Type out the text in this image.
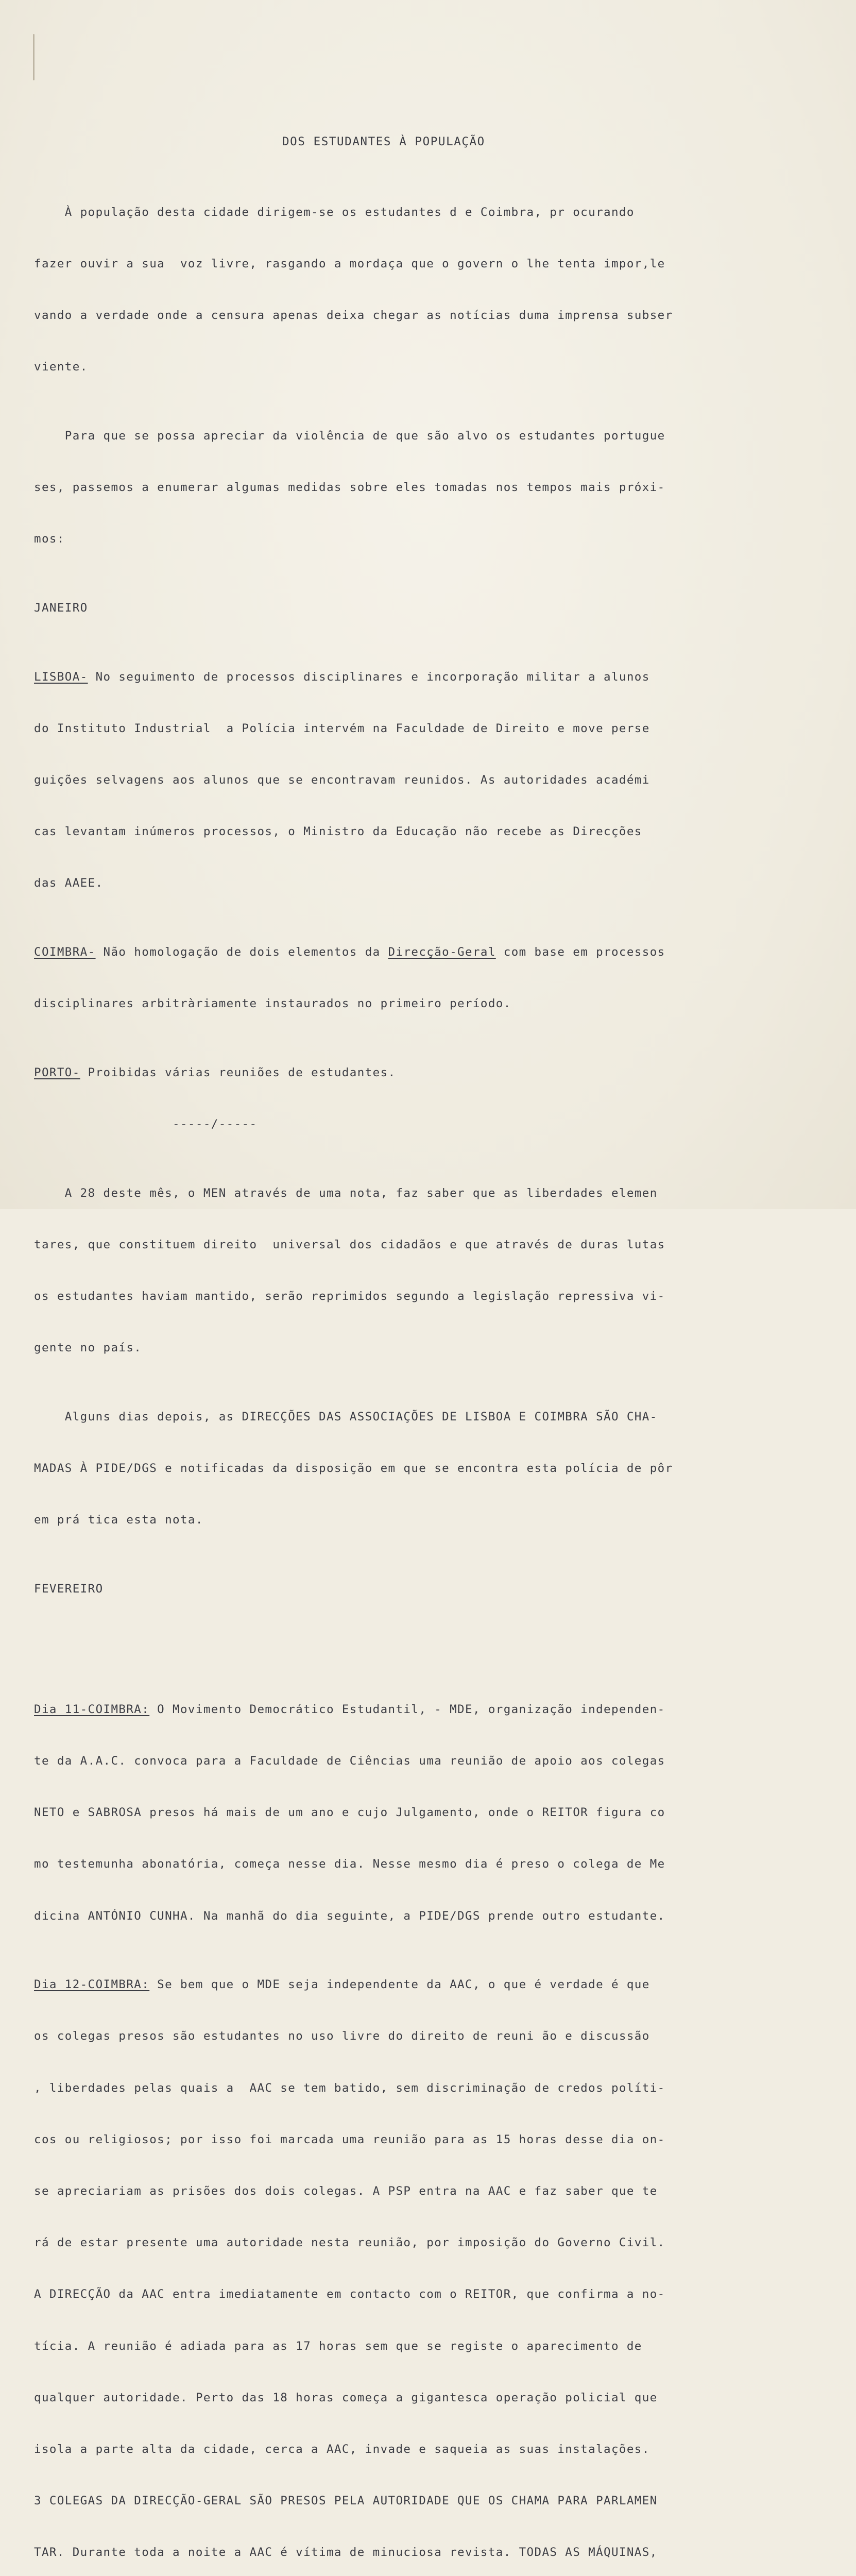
DOS ESTUDANTES À POPULAÇÃO

À população desta cidade dirigem-se os estudantes d e Coimbra, pr ocurando

fazer ouvir a sua  voz livre, rasgando a mordaça que o govern o lhe tenta impor,le

vando a verdade onde a censura apenas deixa chegar as notícias duma imprensa subser

viente.

Para que se possa apreciar da violência de que são alvo os estudantes portugue

ses, passemos a enumerar algumas medidas sobre eles tomadas nos tempos mais próxi-

mos:

JANEIRO

LISBOA- No seguimento de processos disciplinares e incorporação militar a alunos

do Instituto Industrial  a Polícia intervém na Faculdade de Direito e move perse

guições selvagens aos alunos que se encontravam reunidos. As autoridades académi

cas levantam inúmeros processos, o Ministro da Educação não recebe as Direcções

das AAEE.

COIMBRA- Não homologação de dois elementos da Direcção-Geral com base em processos

disciplinares arbitràriamente instaurados no primeiro período.

PORTO- Proibidas várias reuniões de estudantes.

-----/-----

A 28 deste mês, o MEN através de uma nota, faz saber que as liberdades elemen

tares, que constituem direito  universal dos cidadãos e que através de duras lutas

os estudantes haviam mantido, serão reprimidos segundo a legislação repressiva vi-

gente no país.

Alguns dias depois, as DIRECÇÕES DAS ASSOCIAÇÕES DE LISBOA E COIMBRA SÃO CHA-

MADAS À PIDE/DGS e notificadas da disposição em que se encontra esta polícia de pôr

em prá tica esta nota.

FEVEREIRO

Dia 11-COIMBRA: O Movimento Democrático Estudantil, - MDE, organização independen-

te da A.A.C. convoca para a Faculdade de Ciências uma reunião de apoio aos colegas

NETO e SABROSA presos há mais de um ano e cujo Julgamento, onde o REITOR figura co

mo testemunha abonatória, começa nesse dia. Nesse mesmo dia é preso o colega de Me

dicina ANTÓNIO CUNHA. Na manhã do dia seguinte, a PIDE/DGS prende outro estudante.

Dia 12-COIMBRA: Se bem que o MDE seja independente da AAC, o que é verdade é que

os colegas presos são estudantes no uso livre do direito de reuni ão e discussão

, liberdades pelas quais a  AAC se tem batido, sem discriminação de credos políti-

cos ou religiosos; por isso foi marcada uma reunião para as 15 horas desse dia on-

se apreciariam as prisões dos dois colegas. A PSP entra na AAC e faz saber que te

rá de estar presente uma autoridade nesta reunião, por imposição do Governo Civil.

A DIRECÇÃO da AAC entra imediatamente em contacto com o REITOR, que confirma a no-

tícia. A reunião é adiada para as 17 horas sem que se registe o aparecimento de

qualquer autoridade. Perto das 18 horas começa a gigantesca operação policial que

isola a parte alta da cidade, cerca a AAC, invade e saqueia as suas instalações.

3 COLEGAS DA DIRECÇÃO-GERAL SÃO PRESOS PELA AUTORIDADE QUE OS CHAMA PARA PARLAMEN

TAR. Durante toda a noite a AAC é vítima de minuciosa revista. TODAS AS MÁQUINAS,
